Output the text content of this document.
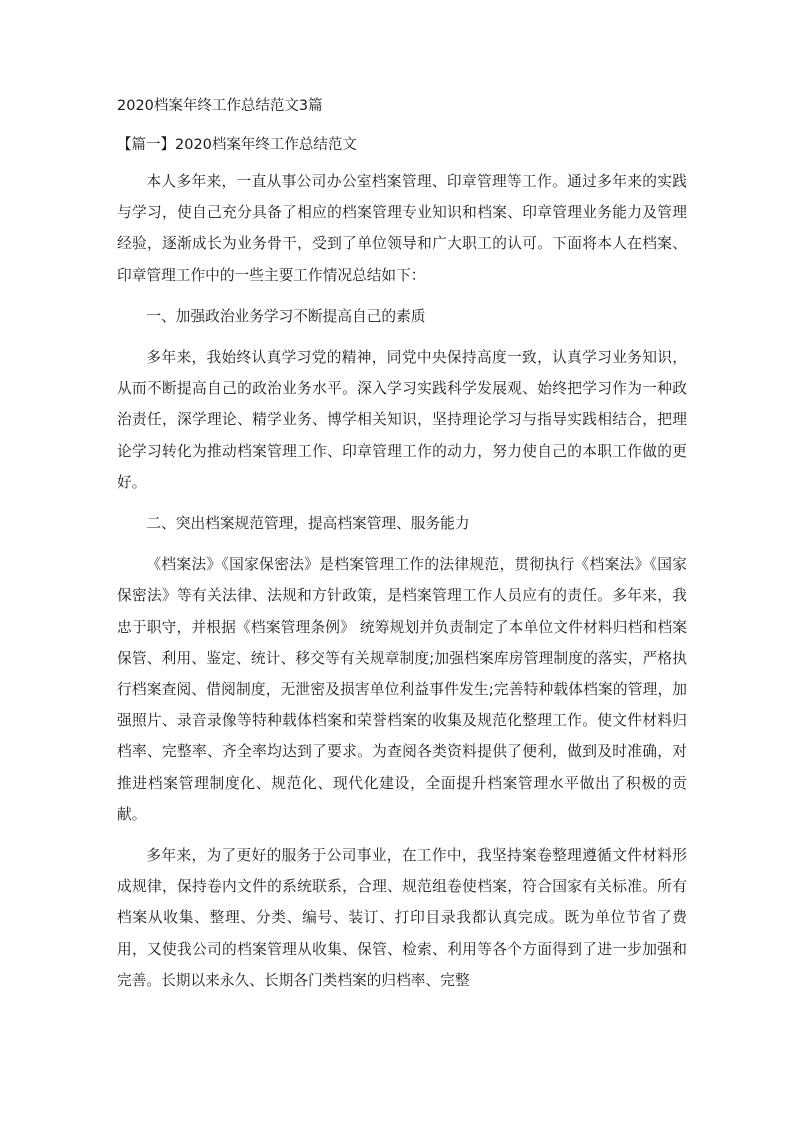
2020档案年终工作总结范文3篇
【篇一】2020档案年终工作总结范文

本人多年来，一直从事公司办公室档案管理、印章管理等工作。通过多年来的实践与学习，使自己充分具备了相应的档案管理专业知识和档案、印章管理业务能力及管理经验，逐渐成长为业务骨干，受到了单位领导和广大职工的认可。下面将本人在档案、印章管理工作中的一些主要工作情况总结如下：

一、加强政治业务学习不断提高自己的素质

多年来，我始终认真学习党的精神，同党中央保持高度一致，认真学习业务知识，从而不断提高自己的政治业务水平。深入学习实践科学发展观、始终把学习作为一种政治责任，深学理论、精学业务、博学相关知识，坚持理论学习与指导实践相结合，把理论学习转化为推动档案管理工作、印章管理工作的动力，努力使自己的本职工作做的更好。

二、突出档案规范管理，提高档案管理、服务能力

《档案法》《国家保密法》是档案管理工作的法律规范，贯彻执行《档案法》《国家保密法》等有关法律、法规和方针政策，是档案管理工作人员应有的责任。多年来，我忠于职守，并根据《档案管理条例》 统筹规划并负责制定了本单位文件材料归档和档案保管、利用、鉴定、统计、移交等有关规章制度;加强档案库房管理制度的落实，严格执行档案查阅、借阅制度，无泄密及损害单位利益事件发生;完善特种载体档案的管理，加强照片、录音录像等特种载体档案和荣誉档案的收集及规范化整理工作。使文件材料归档率、完整率、齐全率均达到了要求。为查阅各类资料提供了便利，做到及时准确，对推进档案管理制度化、规范化、现代化建设，全面提升档案管理水平做出了积极的贡献。

多年来，为了更好的服务于公司事业，在工作中，我坚持案卷整理遵循文件材料形成规律，保持卷内文件的系统联系，合理、规范组卷使档案，符合国家有关标准。所有档案从收集、整理、分类、编号、装订、打印目录我都认真完成。既为单位节省了费用，又使我公司的档案管理从收集、保管、检索、利用等各个方面得到了进一步加强和完善。长期以来永久、长期各门类档案的归档率、完整
